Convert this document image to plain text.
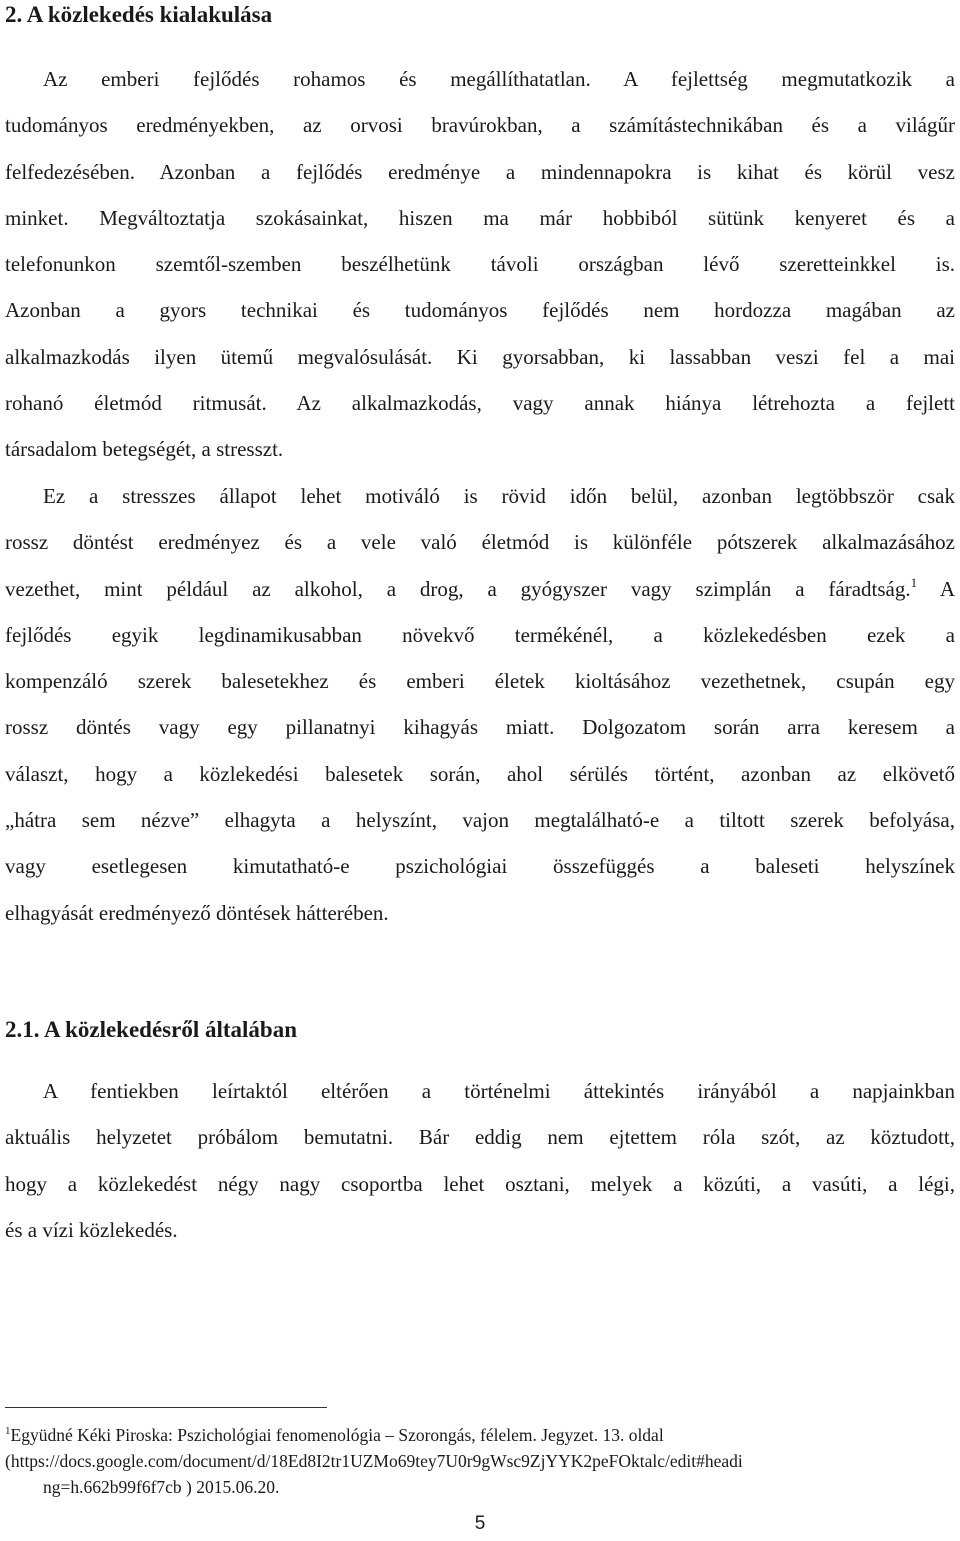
2. A közlekedés kialakulása

Az emberi fejlődés rohamos és megállíthatatlan. A fejlettség megmutatkozik a
tudományos eredményekben, az orvosi bravúrokban, a számítástechnikában és a világűr
felfedezésében. Azonban a fejlődés eredménye a mindennapokra is kihat és körül vesz
minket. Megváltoztatja szokásainkat, hiszen ma már hobbiból sütünk kenyeret és a
telefonunkon szemtől-szemben beszélhetünk távoli országban lévő szeretteinkkel is.
Azonban a gyors technikai és tudományos fejlődés nem hordozza magában az
alkalmazkodás ilyen ütemű megvalósulását. Ki gyorsabban, ki lassabban veszi fel a mai
rohanó életmód ritmusát. Az alkalmazkodás, vagy annak hiánya létrehozta a fejlett
társadalom betegségét, a stresszt.

Ez a stresszes állapot lehet motiváló is rövid időn belül, azonban legtöbbször csak
rossz döntést eredményez és a vele való életmód is különféle pótszerek alkalmazásához
vezethet, mint például az alkohol, a drog, a gyógyszer vagy szimplán a fáradtság.$^1$ A
fejlődés egyik legdinamikusabban növekvő termékénél, a közlekedésben ezek a
kompenzáló szerek balesetekhez és emberi életek kioltásához vezethetnek, csupán egy
rossz döntés vagy egy pillanatnyi kihagyás miatt. Dolgozatom során arra keresem a
választ, hogy a közlekedési balesetek során, ahol sérülés történt, azonban az elkövető
„hátra sem nézve” elhagyta a helyszínt, vajon megtalálható-e a tiltott szerek befolyása,
vagy esetlegesen kimutatható-e pszichológiai összefüggés a baleseti helyszínek
elhagyását eredményező döntések hátterében.

2.1. A közlekedésről általában

A fentiekben leírtaktól eltérően a történelmi áttekintés irányából a napjainkban
aktuális helyzetet próbálom bemutatni. Bár eddig nem ejtettem róla szót, az köztudott,
hogy a közlekedést négy nagy csoportba lehet osztani, melyek a közúti, a vasúti, a légi,
és a vízi közlekedés.

$^1$Együdné Kéki Piroska: Pszichológiai fenomenológia – Szorongás, félelem. Jegyzet. 13. oldal
(https://docs.google.com/document/d/18Ed8I2tr1UZMo69tey7U0r9gWsc9ZjYYK2peFOktalc/edit#headi
ng=h.662b99f6f7cb ) 2015.06.20.
5
